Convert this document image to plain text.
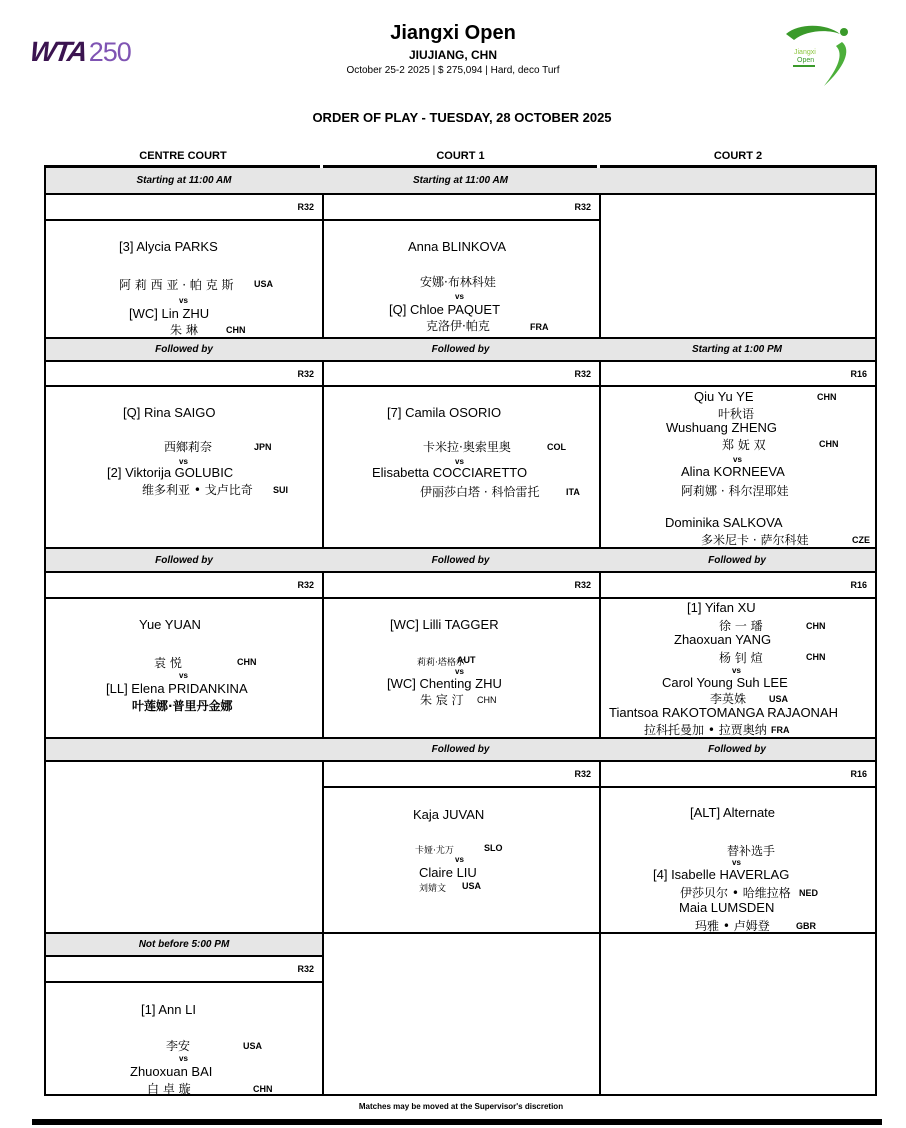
WTA 250
Jiangxi Open
JIUJIANG, CHN
October 25-2 2025 | $ 275,094 | Hard, deco Turf
Jiangxi
Open
ORDER OF PLAY - TUESDAY, 28 OCTOBER 2025
CENTRE COURT	COURT 1	COURT 2
Starting at 11:00 AM
R32
[3] Alycia PARKS
阿 莉 西 亚 · 帕 克 斯 USA
vs
[WC] Lin ZHU
朱 琳	CHN
Followed by
R32
[Q] Rina SAIGO
西鄉莉奈	JPN
vs
[2] Viktorija GOLUBIC
维多利亚 • 戈卢比奇 SUI
Followed by
R32
Yue YUAN
袁 悦	CHN
vs
[LL] Elena PRIDANKINA
叶莲娜·普里丹金娜
Not before 5:00 PM
R32
[1] Ann LI
李安	USA
vs
Zhuoxuan BAI
白 卓 璇	CHN
Starting at 11:00 AM
R32
Anna BLINKOVA
安娜·布林科娃
vs
[Q] Chloe PAQUET
克洛伊·帕克	FRA
Followed by
R32
[7] Camila OSORIO
卡米拉·奥索里奥	COL
vs
Elisabetta COCCIARETTO
伊丽莎白塔 · 科恰雷托	ITA
Followed by
R32
[WC] Lilli TAGGER
莉莉·塔格尔
AUT
vs
[WC] Chenting ZHU
朱 宸 汀 CHN
Followed by
R32
Kaja JUVAN
卡娅·尤万	SLO
vs
Claire LIU
刘婧文 USA
Starting at 1:00 PM
R16
Qiu Yu YE	CHN
叶秋语
Wushuang ZHENG
郑 妩 双	CHN
vs
Alina KORNEEVA
阿莉娜 · 科尔涅耶娃
Dominika SALKOVA
多米尼卡 · 萨尔科娃	CZE
Followed by
R16
[1] Yifan XU
徐 一 璠	CHN
Zhaoxuan YANG
杨 钊 煊	CHN
vs
Carol Young Suh LEE
李英姝	USA
Tiantsoa RAKOTOMANGA RAJAONAH
拉科托曼加 • 拉贾奥纳 FRA
Followed by
R16
[ALT] Alternate
替补选手
vs
[4] Isabelle HAVERLAG
伊莎贝尔 • 哈维拉格 NED
Maia LUMSDEN
玛雅 • 卢姆登	GBR
Matches may be moved at the Supervisor's discretion
